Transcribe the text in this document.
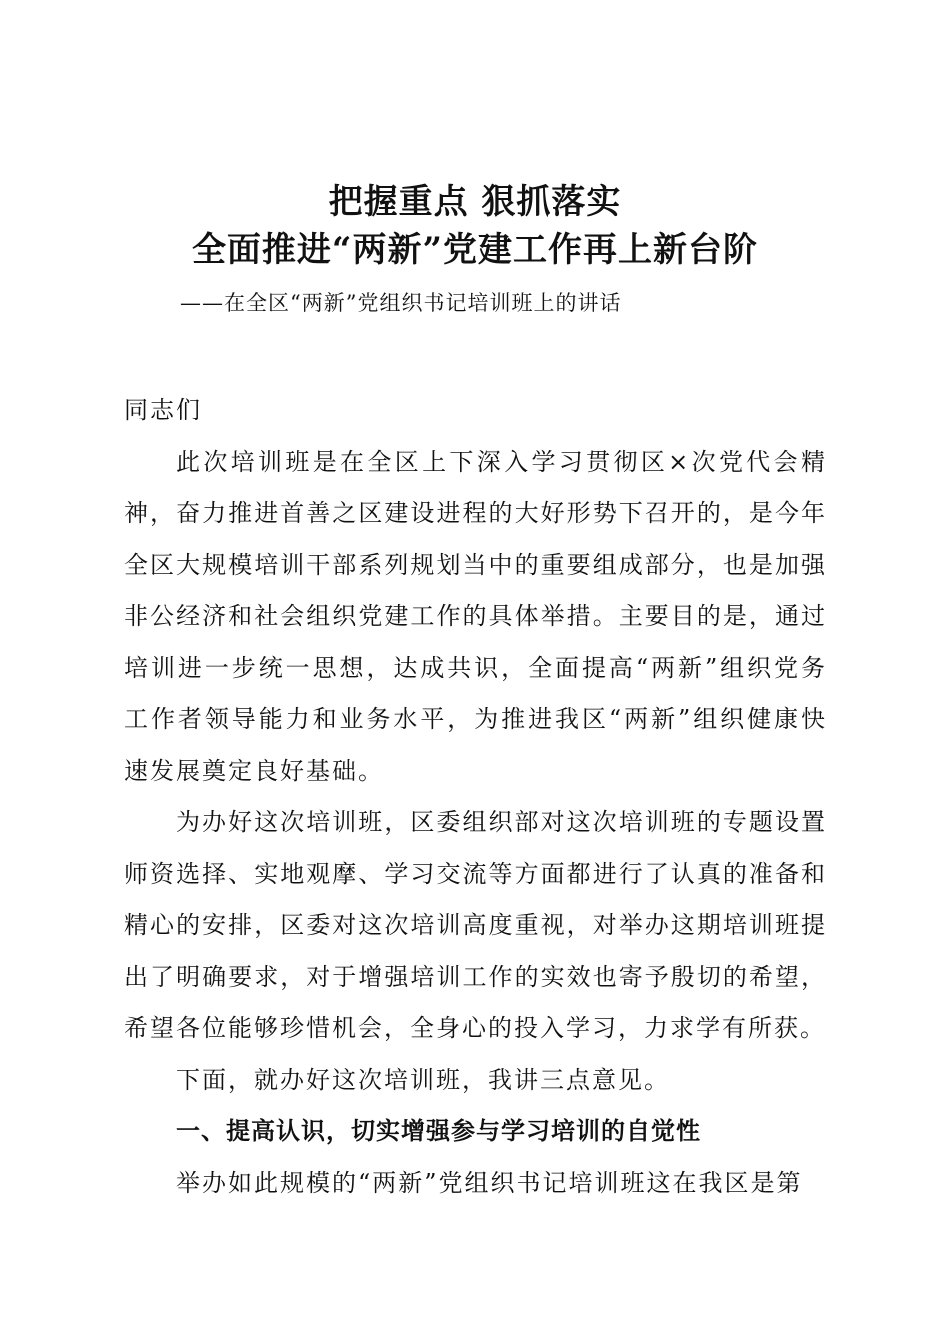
把握重点 狠抓落实
全面推进“两新”党建工作再上新台阶
——在全区“两新”党组织书记培训班上的讲话

同志们

此次培训班是在全区上下深入学习贯彻区×次党代会精神，奋力推进首善之区建设进程的大好形势下召开的，是今年全区大规模培训干部系列规划当中的重要组成部分，也是加强非公经济和社会组织党建工作的具体举措。主要目的是，通过培训进一步统一思想，达成共识，全面提高“两新”组织党务工作者领导能力和业务水平，为推进我区“两新”组织健康快速发展奠定良好基础。

为办好这次培训班，区委组织部对这次培训班的专题设置师资选择、实地观摩、学习交流等方面都进行了认真的准备和精心的安排，区委对这次培训高度重视，对举办这期培训班提出了明确要求，对于增强培训工作的实效也寄予殷切的希望，希望各位能够珍惜机会，全身心的投入学习，力求学有所获。

下面，就办好这次培训班，我讲三点意见。

一、提高认识，切实增强参与学习培训的自觉性

举办如此规模的“两新”党组织书记培训班这在我区是第
